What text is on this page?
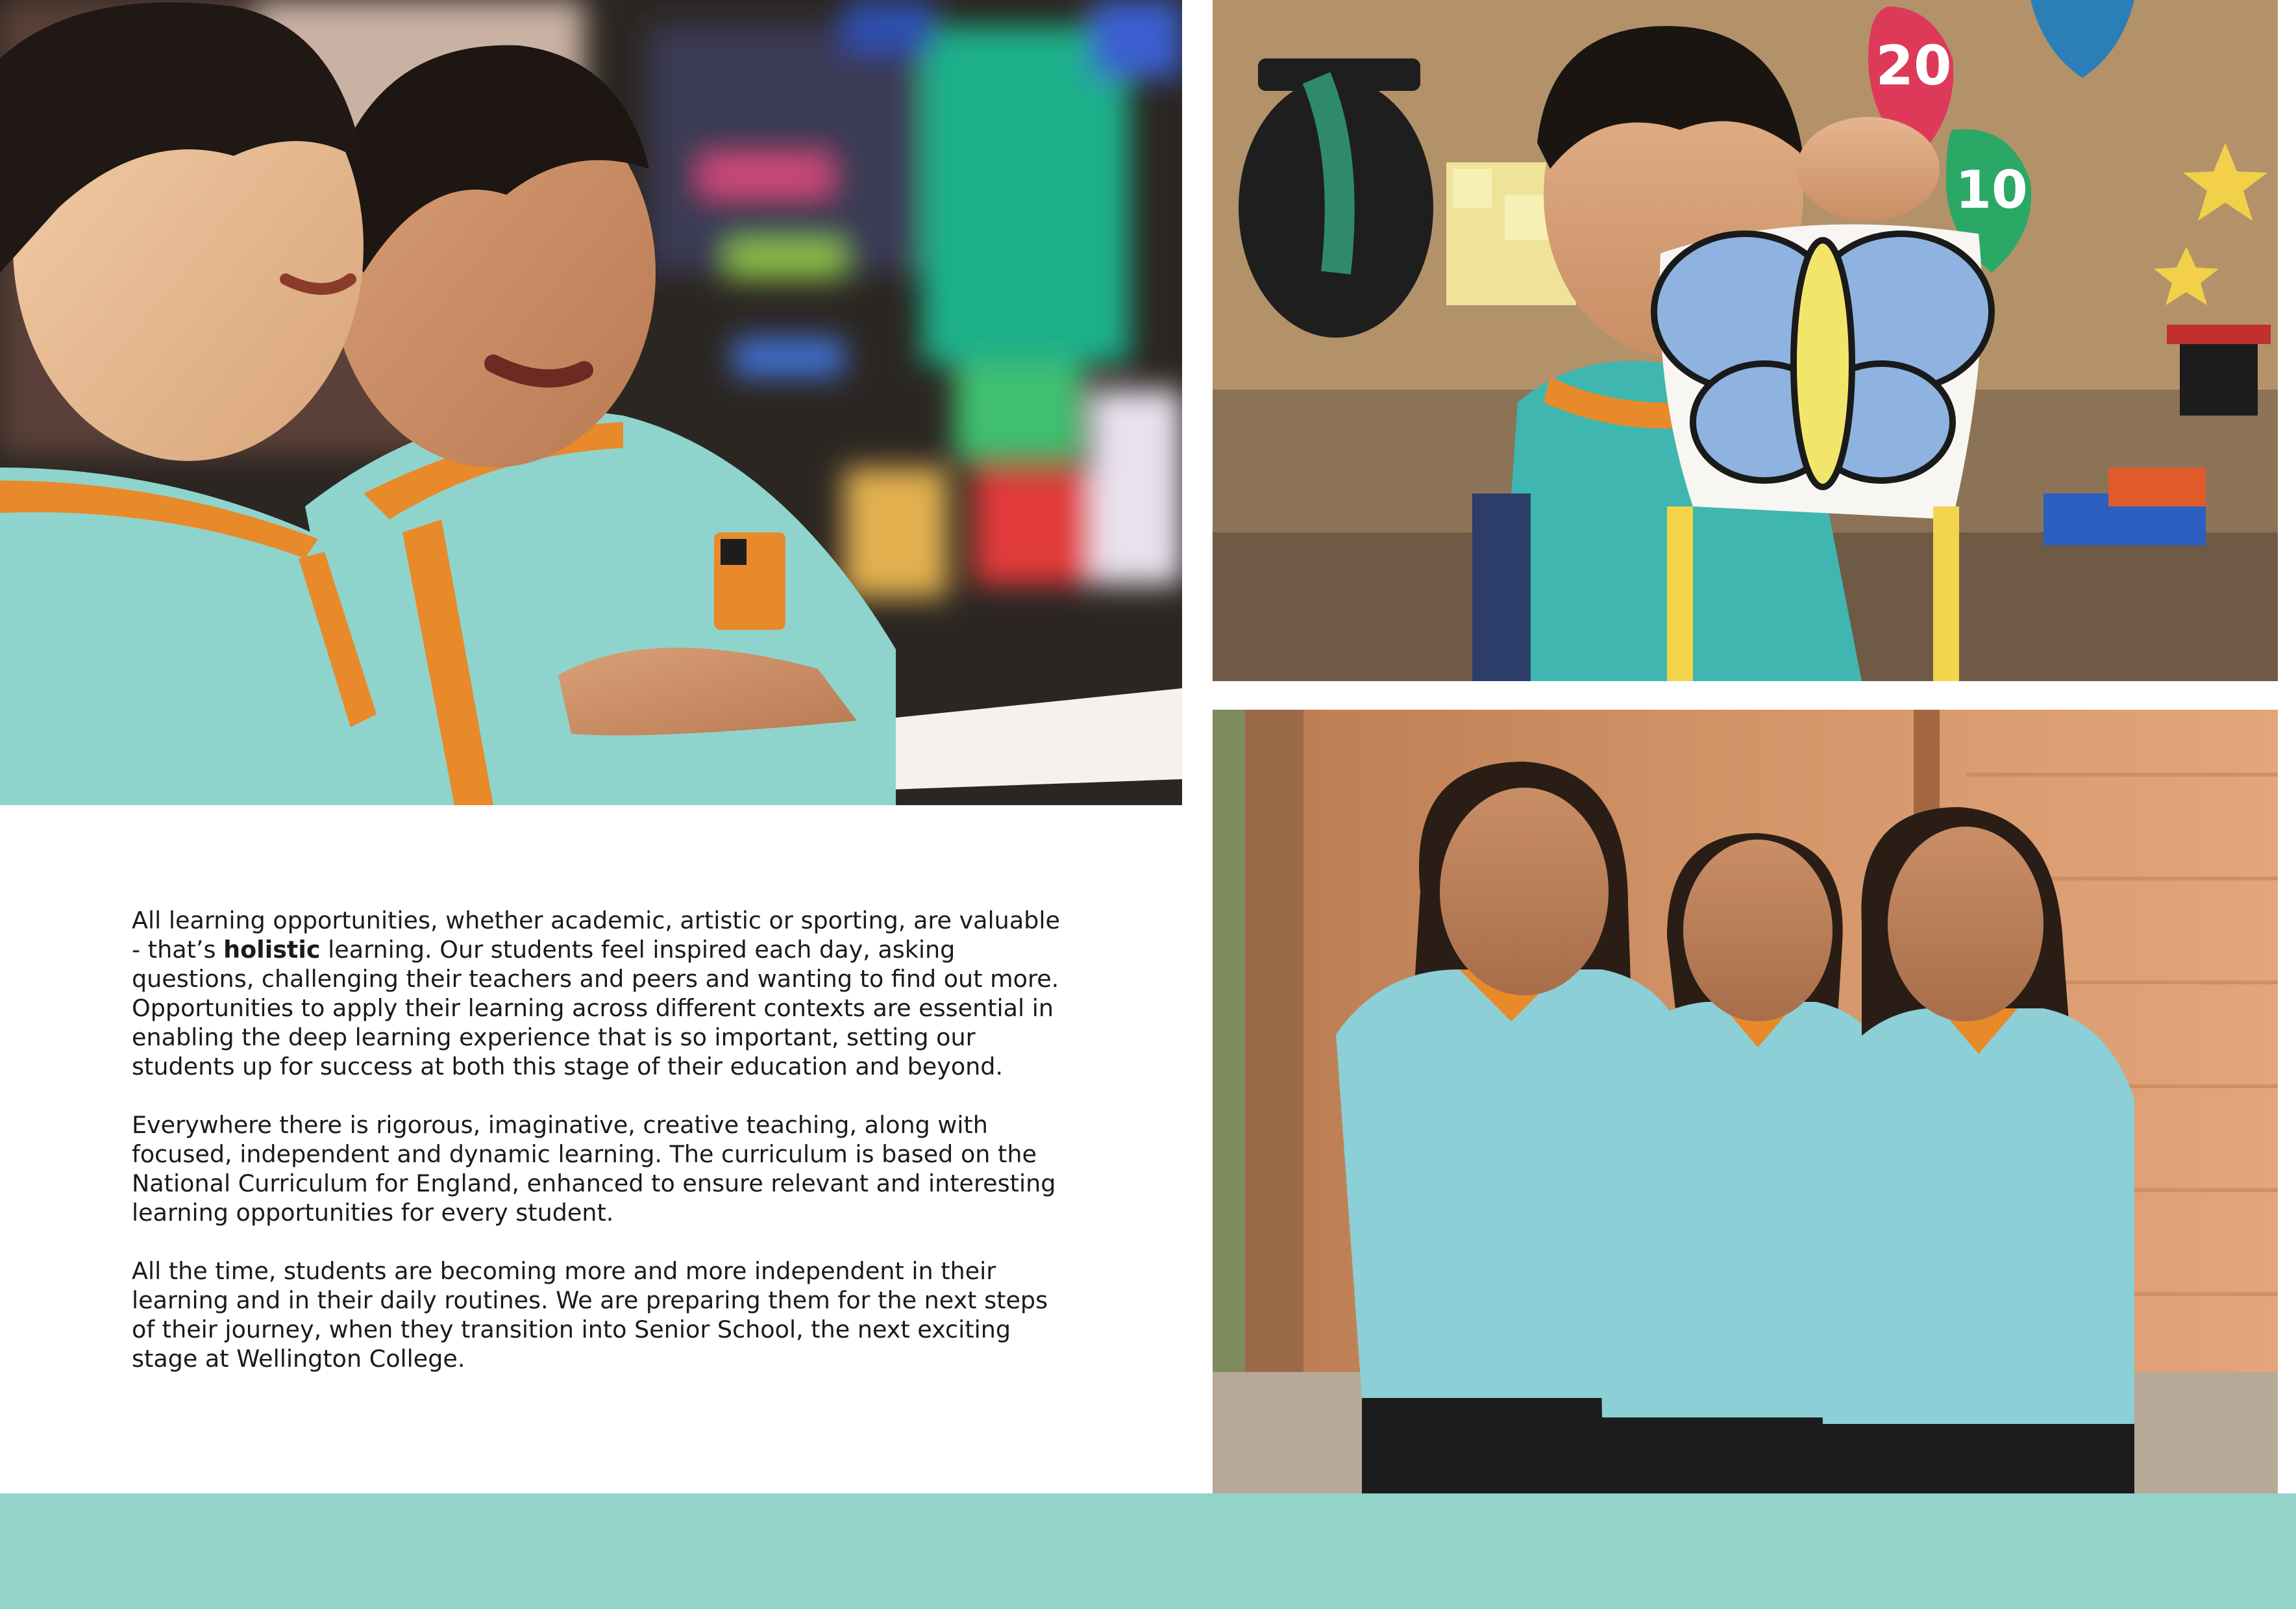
20
10

All learning opportunities, whether academic, artistic or sporting, are valuable - that’s holistic learning. Our students feel inspired each day, asking questions, challenging their teachers and peers and wanting to find out more. Opportunities to apply their learning across different contexts are essential in enabling the deep learning experience that is so important, setting our students up for success at both this stage of their education and beyond.

Everywhere there is rigorous, imaginative, creative teaching, along with focused, independent and dynamic learning. The curriculum is based on the National Curriculum for England, enhanced to ensure relevant and interesting learning opportunities for every student.

All the time, students are becoming more and more independent in their learning and in their daily routines. We are preparing them for the next steps of their journey, when they transition into Senior School, the next exciting stage at Wellington College.
